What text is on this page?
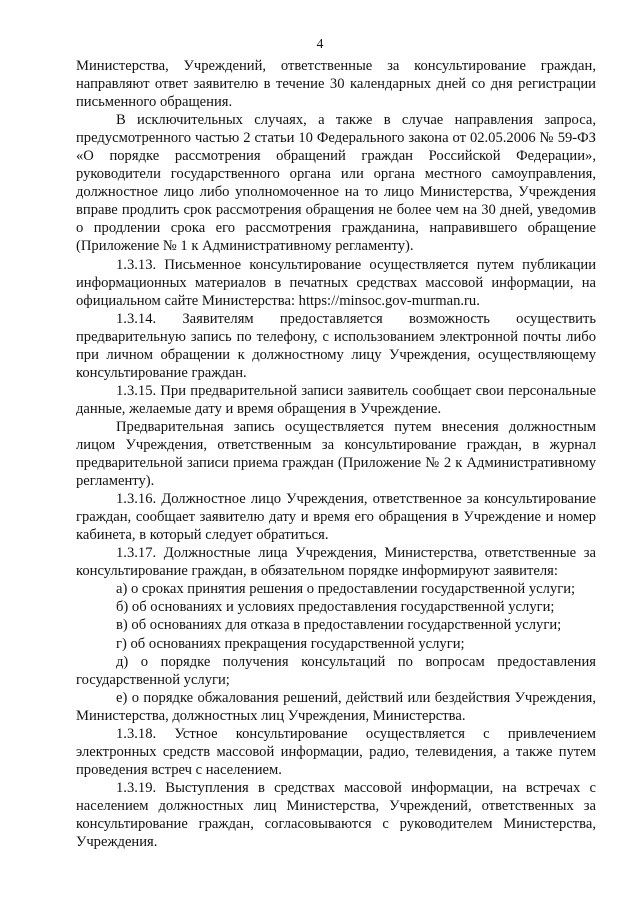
4

Министерства, Учреждений, ответственные за консультирование граждан, направляют ответ заявителю в течение 30 календарных дней со дня регистрации письменного обращения.

В исключительных случаях, а также в случае направления запроса, предусмотренного частью 2 статьи 10 Федерального закона от 02.05.2006 № 59-ФЗ «О порядке рассмотрения обращений граждан Российской Федерации», руководители государственного органа или органа местного самоуправления, должностное лицо либо уполномоченное на то лицо Министерства, Учреждения вправе продлить срок рассмотрения обращения не более чем на 30 дней, уведомив о продлении срока его рассмотрения гражданина, направившего обращение (Приложение № 1 к Административному регламенту).

1.3.13. Письменное консультирование осуществляется путем публикации информационных материалов в печатных средствах массовой информации, на официальном сайте Министерства: https://minsoc.gov-murman.ru.

1.3.14. Заявителям предоставляется возможность осуществить предварительную запись по телефону, с использованием электронной почты либо при личном обращении к должностному лицу Учреждения, осуществляющему консультирование граждан.

1.3.15. При предварительной записи заявитель сообщает свои персональные данные, желаемые дату и время обращения в Учреждение.

Предварительная запись осуществляется путем внесения должностным лицом Учреждения, ответственным за консультирование граждан, в журнал предварительной записи приема граждан (Приложение № 2 к Административному регламенту).

1.3.16. Должностное лицо Учреждения, ответственное за консультирование граждан, сообщает заявителю дату и время его обращения в Учреждение и номер кабинета, в который следует обратиться.

1.3.17. Должностные лица Учреждения, Министерства, ответственные за консультирование граждан, в обязательном порядке информируют заявителя:

а) о сроках принятия решения о предоставлении государственной услуги;

б) об основаниях и условиях предоставления государственной услуги;

в) об основаниях для отказа в предоставлении государственной услуги;

г) об основаниях прекращения государственной услуги;

д) о порядке получения консультаций по вопросам предоставления государственной услуги;

е) о порядке обжалования решений, действий или бездействия Учреждения, Министерства, должностных лиц Учреждения, Министерства.

1.3.18. Устное консультирование осуществляется с привлечением электронных средств массовой информации, радио, телевидения, а также путем проведения встреч с населением.

1.3.19. Выступления в средствах массовой информации, на встречах с населением должностных лиц Министерства, Учреждений, ответственных за консультирование граждан, согласовываются с руководителем Министерства, Учреждения.
